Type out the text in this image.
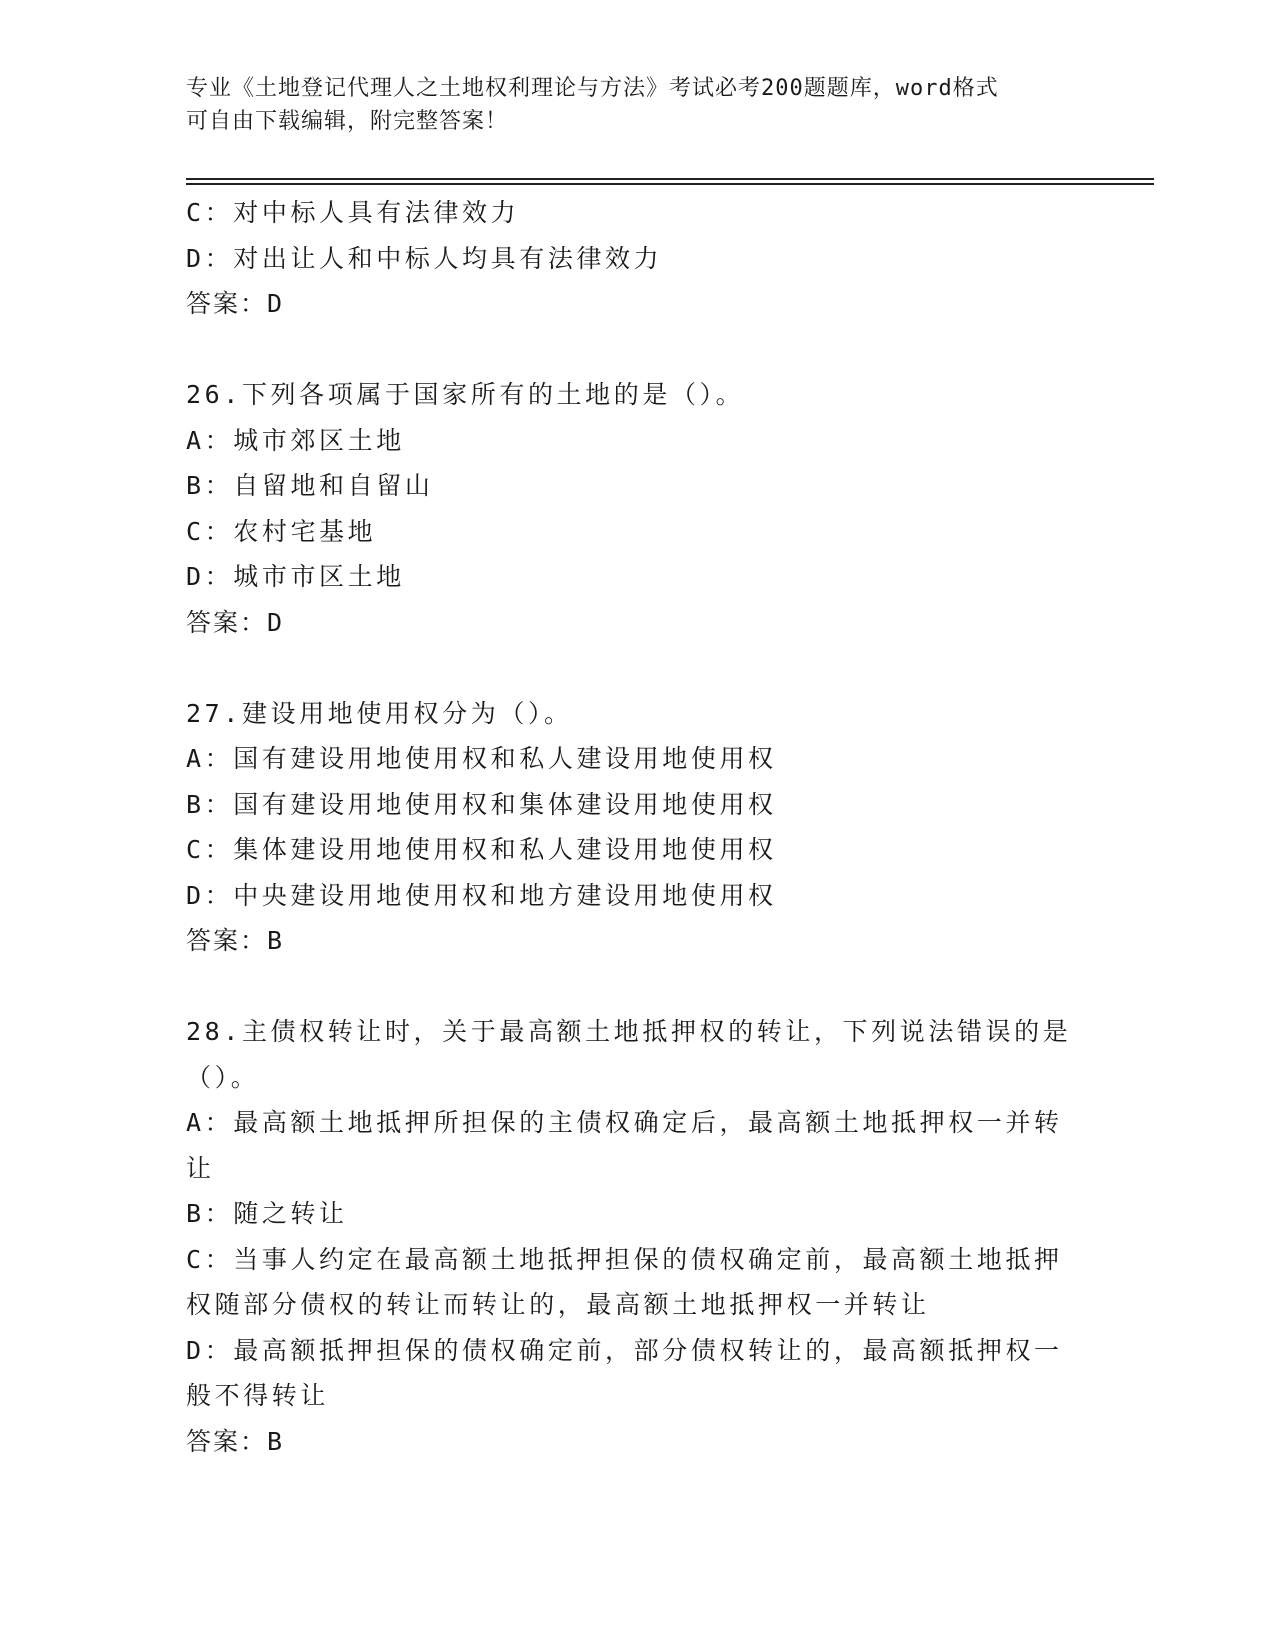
专业《土地登记代理人之土地权利理论与方法》考试必考200题题库，word格式
可自由下载编辑，附完整答案！
C：对中标人具有法律效力
D：对出让人和中标人均具有法律效力
答案：D
26.下列各项属于国家所有的土地的是（）。
A：城市郊区土地
B：自留地和自留山
C：农村宅基地
D：城市市区土地
答案：D
27.建设用地使用权分为（）。
A：国有建设用地使用权和私人建设用地使用权
B：国有建设用地使用权和集体建设用地使用权
C：集体建设用地使用权和私人建设用地使用权
D：中央建设用地使用权和地方建设用地使用权
答案：B
28.主债权转让时，关于最高额土地抵押权的转让，下列说法错误的是
（）。
A：最高额土地抵押所担保的主债权确定后，最高额土地抵押权一并转
让
B：随之转让
C：当事人约定在最高额土地抵押担保的债权确定前，最高额土地抵押
权随部分债权的转让而转让的，最高额土地抵押权一并转让
D：最高额抵押担保的债权确定前，部分债权转让的，最高额抵押权一
般不得转让
答案：B
